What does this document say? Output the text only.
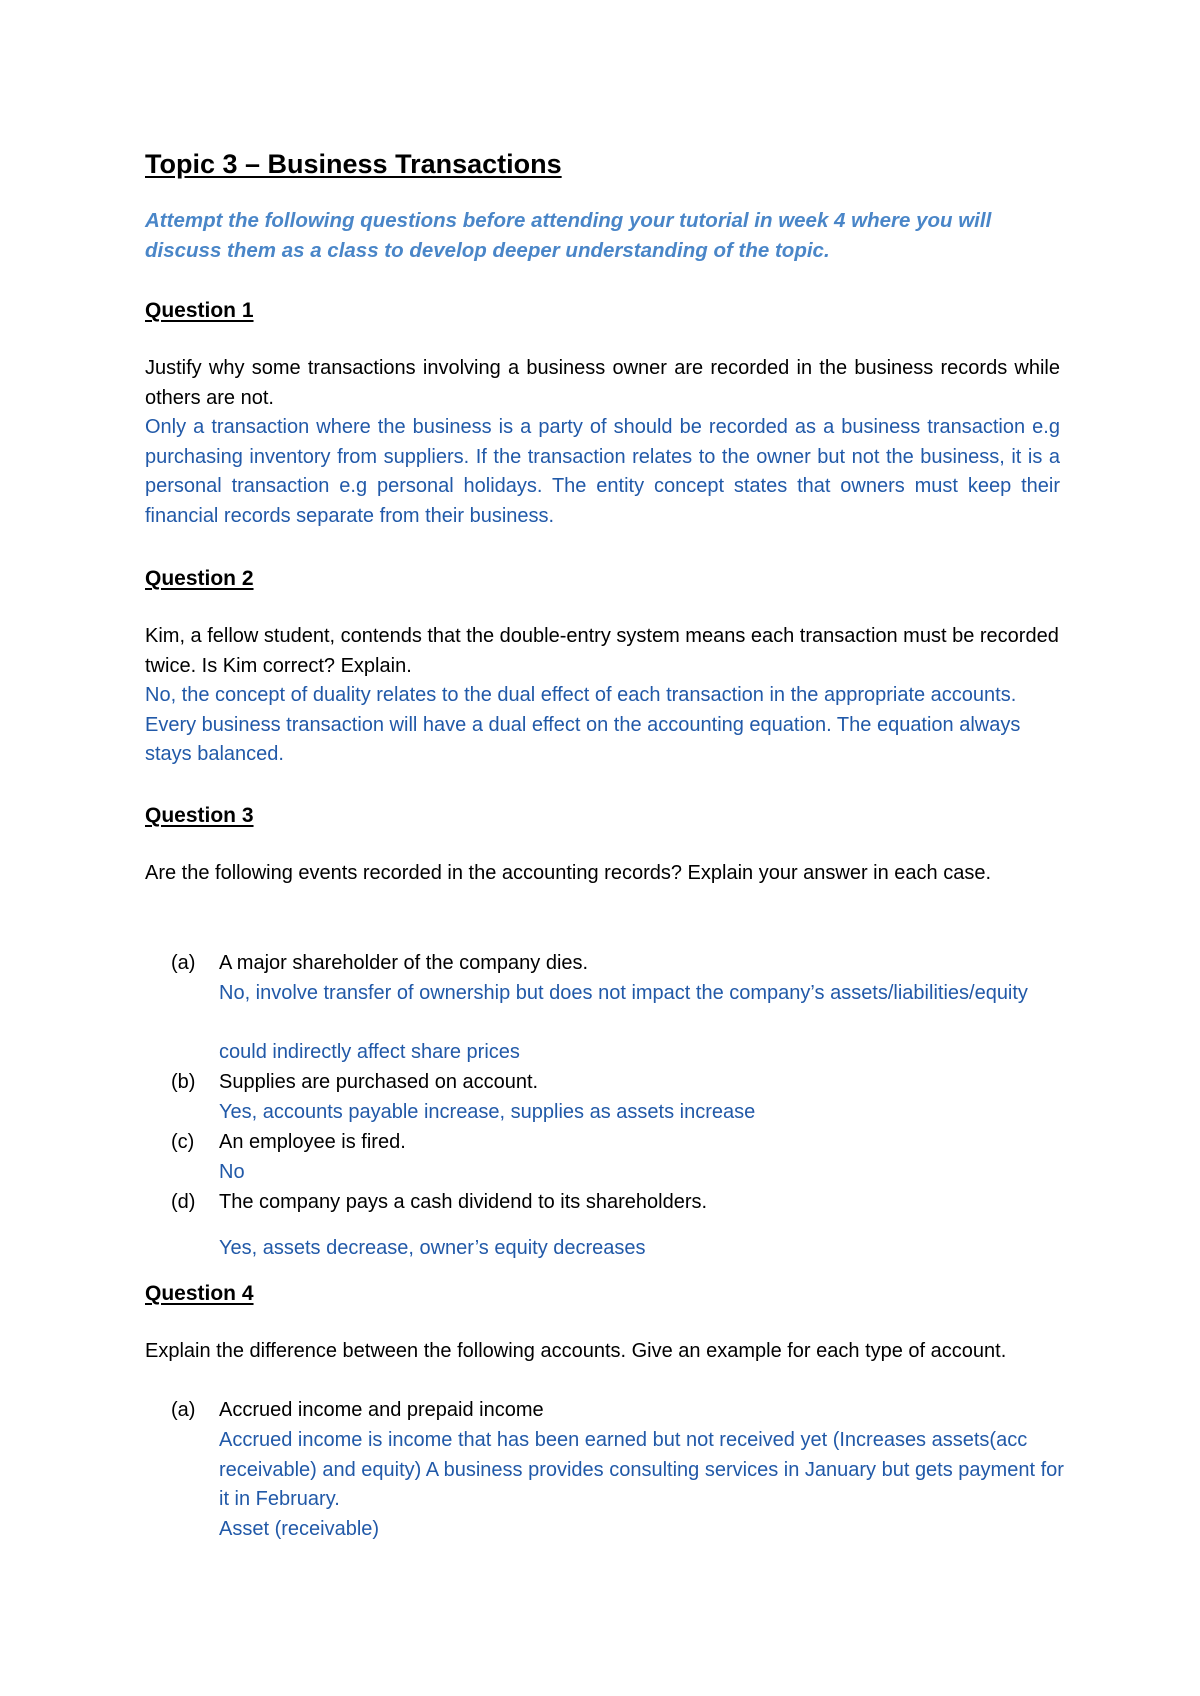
Topic 3 – Business Transactions

Attempt the following questions before attending your tutorial in week 4 where you will discuss them as a class to develop deeper understanding of the topic.

Question 1

Justify why some transactions involving a business owner are recorded in the business records while others are not.

Only a transaction where the business is a party of should be recorded as a business transaction e.g purchasing inventory from suppliers. If the transaction relates to the owner but not the business, it is a personal transaction e.g personal holidays. The entity concept states that owners must keep their financial records separate from their business.

Question 2

Kim, a fellow student, contends that the double-entry system means each transaction must be recorded twice. Is Kim correct? Explain.

No, the concept of duality relates to the dual effect of each transaction in the appropriate accounts. Every business transaction will have a dual effect on the accounting equation. The equation always stays balanced.

Question 3

Are the following events recorded in the accounting records? Explain your answer in each case.

(a) A major shareholder of the company dies.

No, involve transfer of ownership but does not impact the company’s assets/liabilities/equity

could indirectly affect share prices

(b) Supplies are purchased on account.

Yes, accounts payable increase, supplies as assets increase

(c) An employee is fired.

No

(d) The company pays a cash dividend to its shareholders.

Yes, assets decrease, owner’s equity decreases

Question 4

Explain the difference between the following accounts. Give an example for each type of account.

(a) Accrued income and prepaid income

Accrued income is income that has been earned but not received yet (Increases assets(acc receivable) and equity) A business provides consulting services in January but gets payment for it in February.

Asset (receivable)
